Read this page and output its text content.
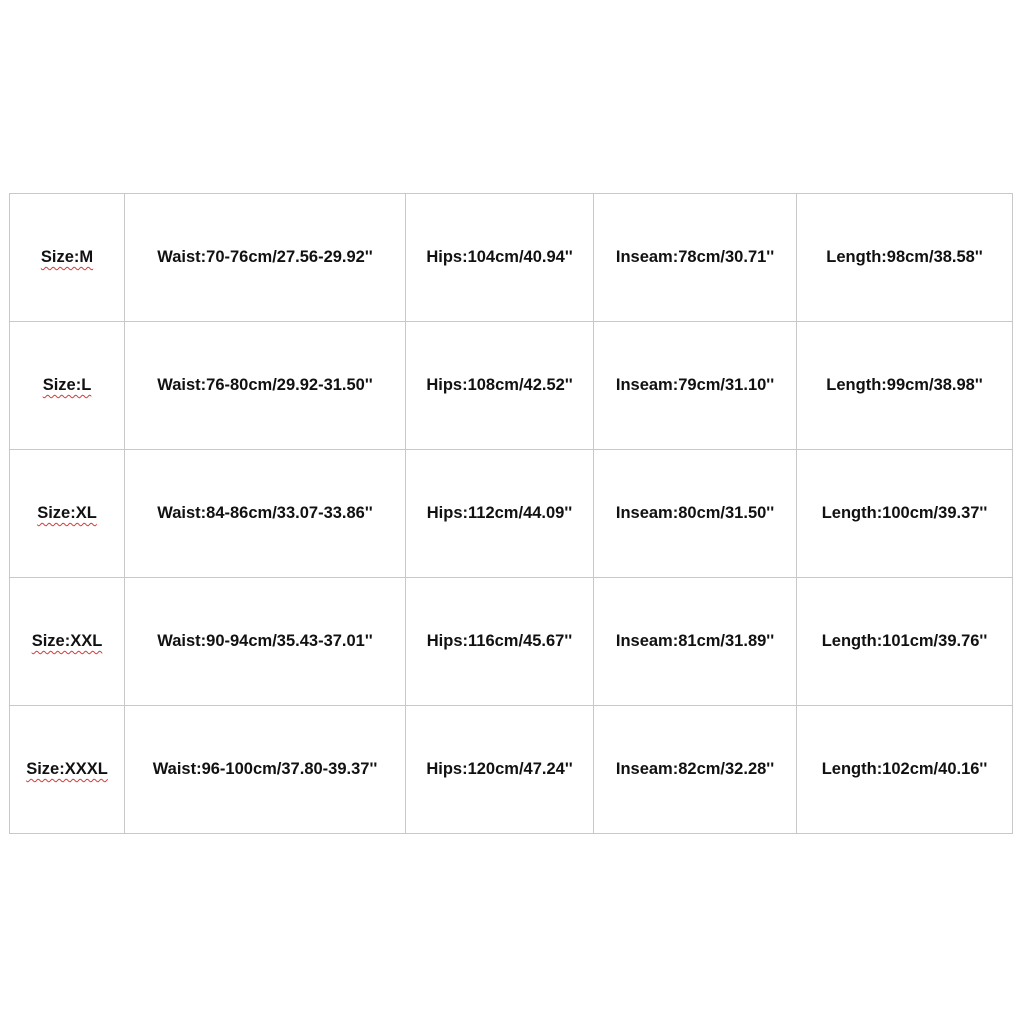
Size:M	Waist:70-76cm/27.56-29.92''	Hips:104cm/40.94''	Inseam:78cm/30.71''	Length:98cm/38.58''
Size:L	Waist:76-80cm/29.92-31.50''	Hips:108cm/42.52''	Inseam:79cm/31.10''	Length:99cm/38.98''
Size:XL	Waist:84-86cm/33.07-33.86''	Hips:112cm/44.09''	Inseam:80cm/31.50''	Length:100cm/39.37''
Size:XXL	Waist:90-94cm/35.43-37.01''	Hips:116cm/45.67''	Inseam:81cm/31.89''	Length:101cm/39.76''
Size:XXXL	Waist:96-100cm/37.80-39.37''	Hips:120cm/47.24''	Inseam:82cm/32.28''	Length:102cm/40.16''
